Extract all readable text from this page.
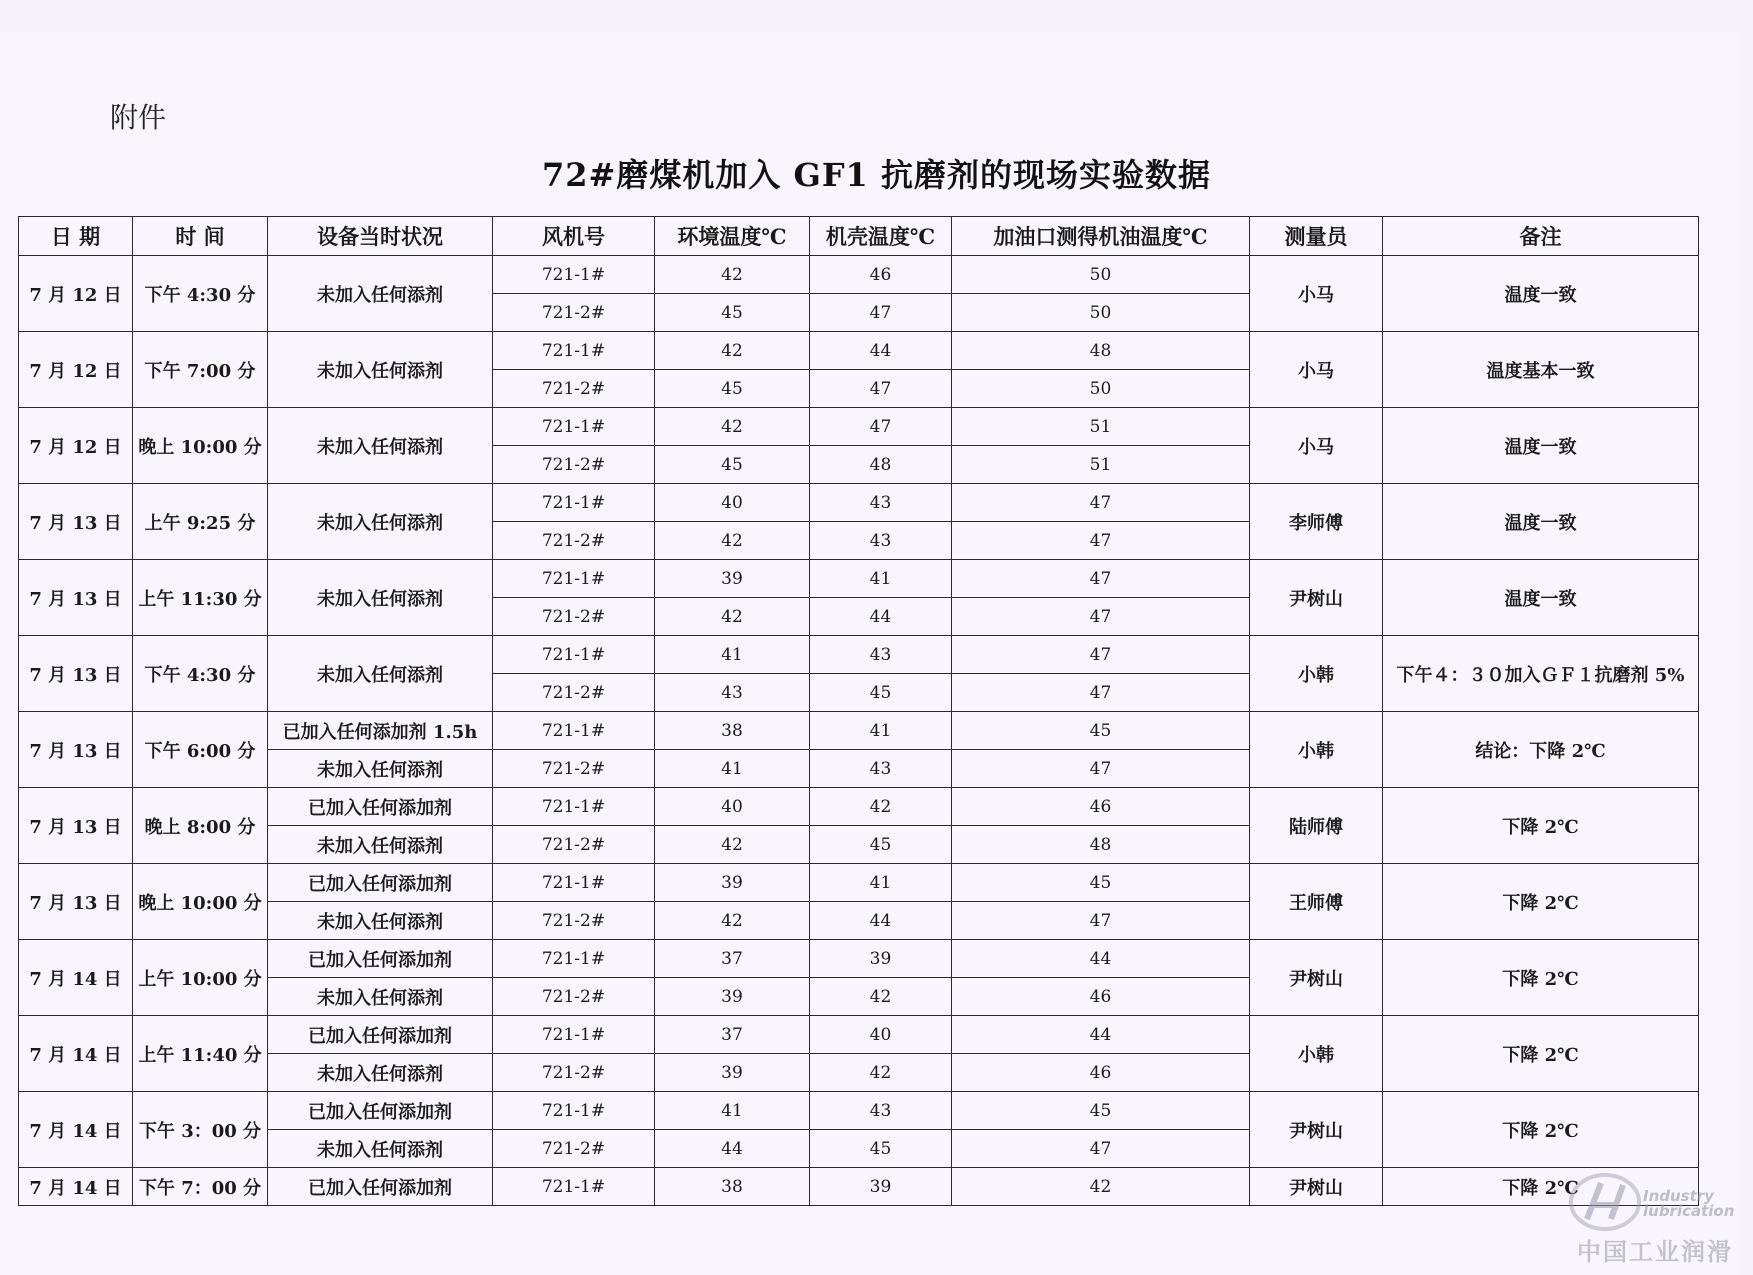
附件
72#磨煤机加入 GF1 抗磨剂的现场实验数据
日 期	时 间	设备当时状况	风机号	环境温度℃	机壳温度℃	加油口测得机油温度℃	测量员	备注
7 月 12 日	下午 4:30 分	未加入任何添剂	721-1#	42	46	50	小马	温度一致
			721-2#	45	47	50		
7 月 12 日	下午 7:00 分	未加入任何添剂	721-1#	42	44	48	小马	温度基本一致
			721-2#	45	47	50		
7 月 12 日	晚上 10:00 分	未加入任何添剂	721-1#	42	47	51	小马	温度一致
			721-2#	45	48	51		
7 月 13 日	上午 9:25 分	未加入任何添剂	721-1#	40	43	47	李师傅	温度一致
			721-2#	42	43	47		
7 月 13 日	上午 11:30 分	未加入任何添剂	721-1#	39	41	47	尹树山	温度一致
			721-2#	42	44	47		
7 月 13 日	下午 4:30 分	未加入任何添剂	721-1#	41	43	47	小韩	下午４：３０加入ＧＦ１抗磨剂 5%
			721-2#	43	45	47		
7 月 13 日	下午 6:00 分	已加入任何添加剂 1.5h	721-1#	38	41	45	小韩	结论：下降 2℃
		未加入任何添剂	721-2#	41	43	47		
7 月 13 日	晚上 8:00 分	已加入任何添加剂	721-1#	40	42	46	陆师傅	下降 2℃
		未加入任何添剂	721-2#	42	45	48		
7 月 13 日	晚上 10:00 分	已加入任何添加剂	721-1#	39	41	45	王师傅	下降 2℃
		未加入任何添剂	721-2#	42	44	47		
7 月 14 日	上午 10:00 分	已加入任何添加剂	721-1#	37	39	44	尹树山	下降 2℃
		未加入任何添剂	721-2#	39	42	46		
7 月 14 日	上午 11:40 分	已加入任何添加剂	721-1#	37	40	44	小韩	下降 2℃
		未加入任何添剂	721-2#	39	42	46		
7 月 14 日	下午 3：00 分	已加入任何添加剂	721-1#	41	43	45	尹树山	下降 2℃
		未加入任何添剂	721-2#	44	45	47		
7 月 14 日	下午 7：00 分	已加入任何添加剂	721-1#	38	39	42	尹树山	下降 2℃	Industry
lubrication
中国工业润滑
